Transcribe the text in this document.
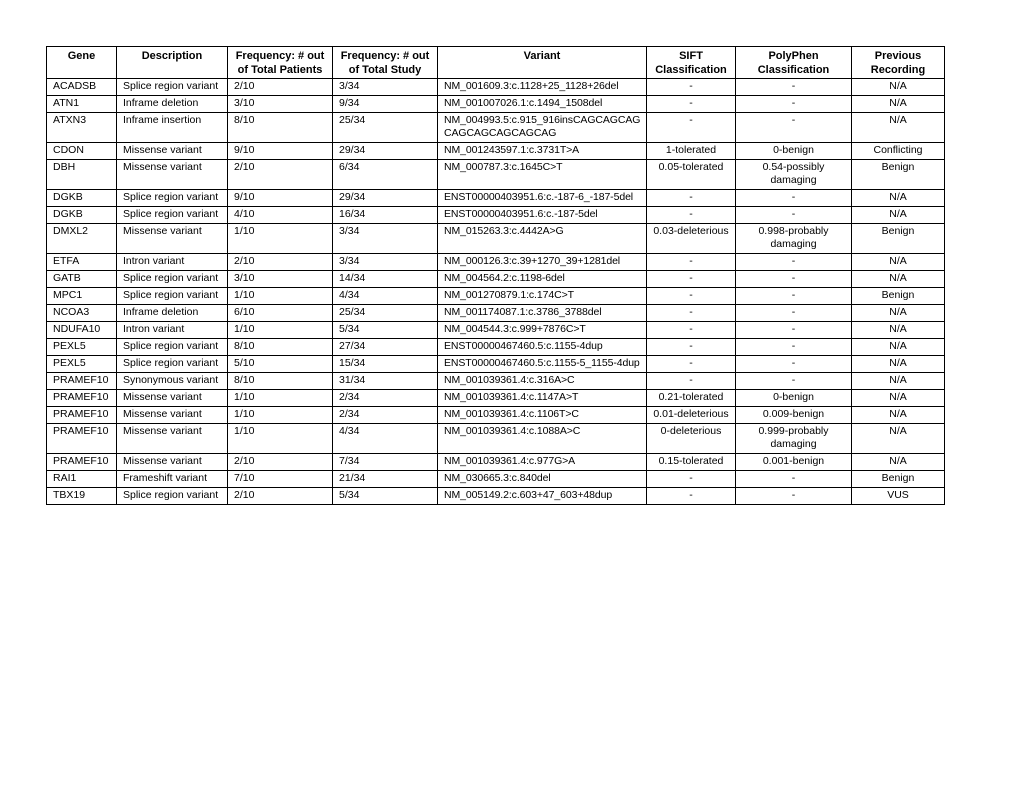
Gene	Description	Frequency: # out of Total Patients	Frequency: # out of Total Study	Variant	SIFT Classification	PolyPhen Classification	Previous Recording
ACADSB	Splice region variant	2/10	3/34	NM_001609.3:c.1128+25_1128+26del	-	-	N/A
ATN1	Inframe deletion	3/10	9/34	NM_001007026.1:c.1494_1508del	-	-	N/A
ATXN3	Inframe insertion	8/10	25/34	NM_004993.5:c.915_916insCAGCAGCAG CAGCAGCAGCAGCAG	-	-	N/A
CDON	Missense variant	9/10	29/34	NM_001243597.1:c.3731T>A	1-tolerated	0-benign	Conflicting
DBH	Missense variant	2/10	6/34	NM_000787.3:c.1645C>T	0.05-tolerated	0.54-possibly damaging	Benign
DGKB	Splice region variant	9/10	29/34	ENST00000403951.6:c.-187-6_-187-5del	-	-	N/A
DGKB	Splice region variant	4/10	16/34	ENST00000403951.6:c.-187-5del	-	-	N/A
DMXL2	Missense variant	1/10	3/34	NM_015263.3:c.4442A>G	0.03-deleterious	0.998-probably damaging	Benign
ETFA	Intron variant	2/10	3/34	NM_000126.3:c.39+1270_39+1281del	-	-	N/A
GATB	Splice region variant	3/10	14/34	NM_004564.2:c.1198-6del	-	-	N/A
MPC1	Splice region variant	1/10	4/34	NM_001270879.1:c.174C>T	-	-	Benign
NCOA3	Inframe deletion	6/10	25/34	NM_001174087.1:c.3786_3788del	-	-	N/A
NDUFA10	Intron variant	1/10	5/34	NM_004544.3:c.999+7876C>T	-	-	N/A
PEXL5	Splice region variant	8/10	27/34	ENST00000467460.5:c.1155-4dup	-	-	N/A
PEXL5	Splice region variant	5/10	15/34	ENST00000467460.5:c.1155-5_1155-4dup	-	-	N/A
PRAMEF10	Synonymous variant	8/10	31/34	NM_001039361.4:c.316A>C	-	-	N/A
PRAMEF10	Missense variant	1/10	2/34	NM_001039361.4:c.1147A>T	0.21-tolerated	0-benign	N/A
PRAMEF10	Missense variant	1/10	2/34	NM_001039361.4:c.1106T>C	0.01-deleterious	0.009-benign	N/A
PRAMEF10	Missense variant	1/10	4/34	NM_001039361.4:c.1088A>C	0-deleterious	0.999-probably damaging	N/A
PRAMEF10	Missense variant	2/10	7/34	NM_001039361.4:c.977G>A	0.15-tolerated	0.001-benign	N/A
RAI1	Frameshift variant	7/10	21/34	NM_030665.3:c.840del	-	-	Benign
TBX19	Splice region variant	2/10	5/34	NM_005149.2:c.603+47_603+48dup	-	-	VUS
